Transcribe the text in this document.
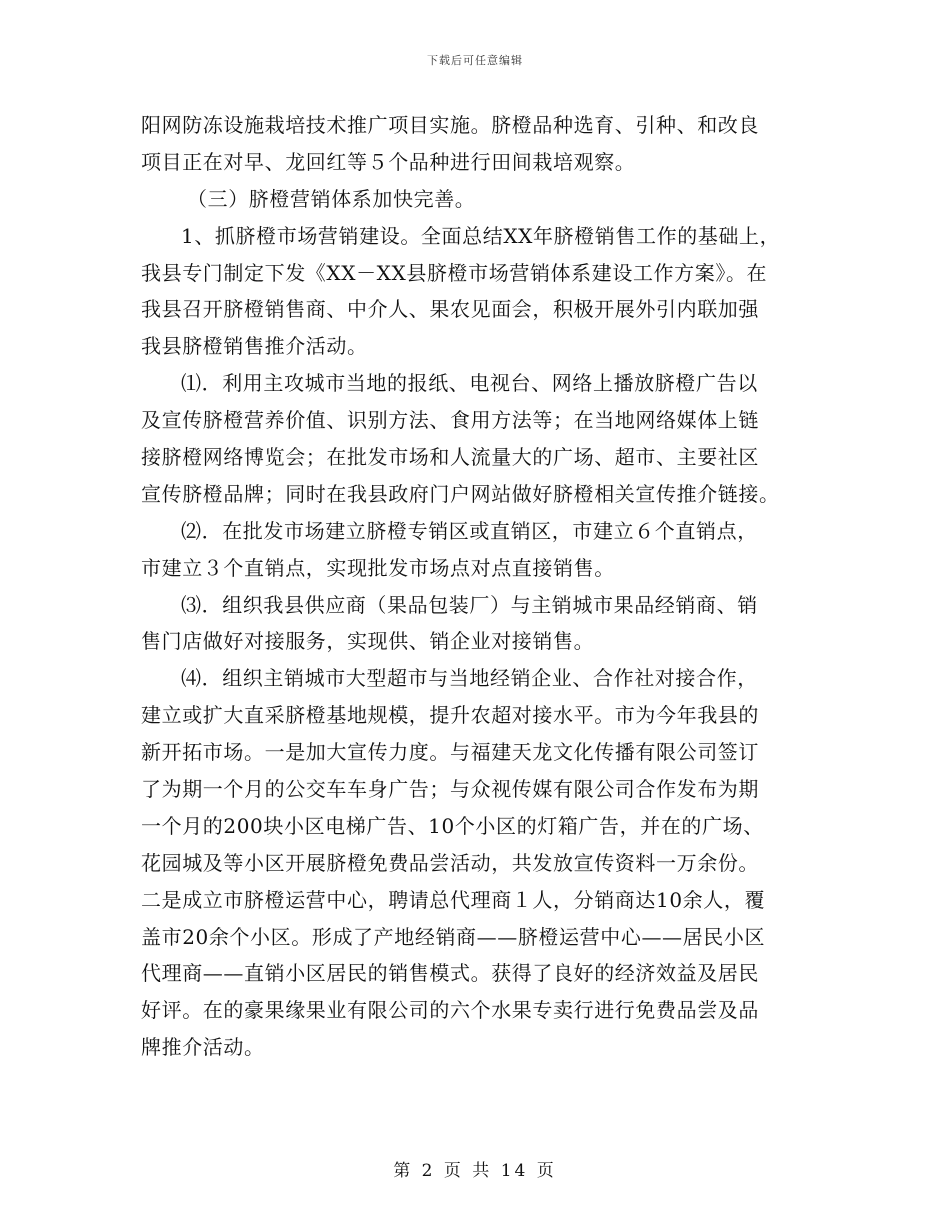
下载后可任意编辑
阳网防冻设施栽培技术推广项目实施。脐橙品种选育、引种、和改良
项目正在对早、龙回红等５个品种进行田间栽培观察。
（三）脐橙营销体系加快完善。
1、抓脐橙市场营销建设。全面总结XX年脐橙销售工作的基础上，
我县专门制定下发《XX－XX县脐橙市场营销体系建设工作方案》。在
我县召开脐橙销售商、中介人、果农见面会，积极开展外引内联加强
我县脐橙销售推介活动。
⑴．利用主攻城市当地的报纸、电视台、网络上播放脐橙广告以
及宣传脐橙营养价值、识别方法、食用方法等；在当地网络媒体上链
接脐橙网络博览会；在批发市场和人流量大的广场、超市、主要社区
宣传脐橙品牌；同时在我县政府门户网站做好脐橙相关宣传推介链接。
⑵．在批发市场建立脐橙专销区或直销区，市建立６个直销点，
市建立３个直销点，实现批发市场点对点直接销售。
⑶．组织我县供应商（果品包装厂）与主销城市果品经销商、销
售门店做好对接服务，实现供、销企业对接销售。
⑷．组织主销城市大型超市与当地经销企业、合作社对接合作，
建立或扩大直采脐橙基地规模，提升农超对接水平。市为今年我县的
新开拓市场。一是加大宣传力度。与福建天龙文化传播有限公司签订
了为期一个月的公交车车身广告；与众视传媒有限公司合作发布为期
一个月的200块小区电梯广告、10个小区的灯箱广告，并在的广场、
花园城及等小区开展脐橙免费品尝活动，共发放宣传资料一万余份。
二是成立市脐橙运营中心，聘请总代理商１人，分销商达10余人，覆
盖市20余个小区。形成了产地经销商——脐橙运营中心——居民小区
代理商——直销小区居民的销售模式。获得了良好的经济效益及居民
好评。在的豪果缘果业有限公司的六个水果专卖行进行免费品尝及品
牌推介活动。
第 2 页 共 14 页
